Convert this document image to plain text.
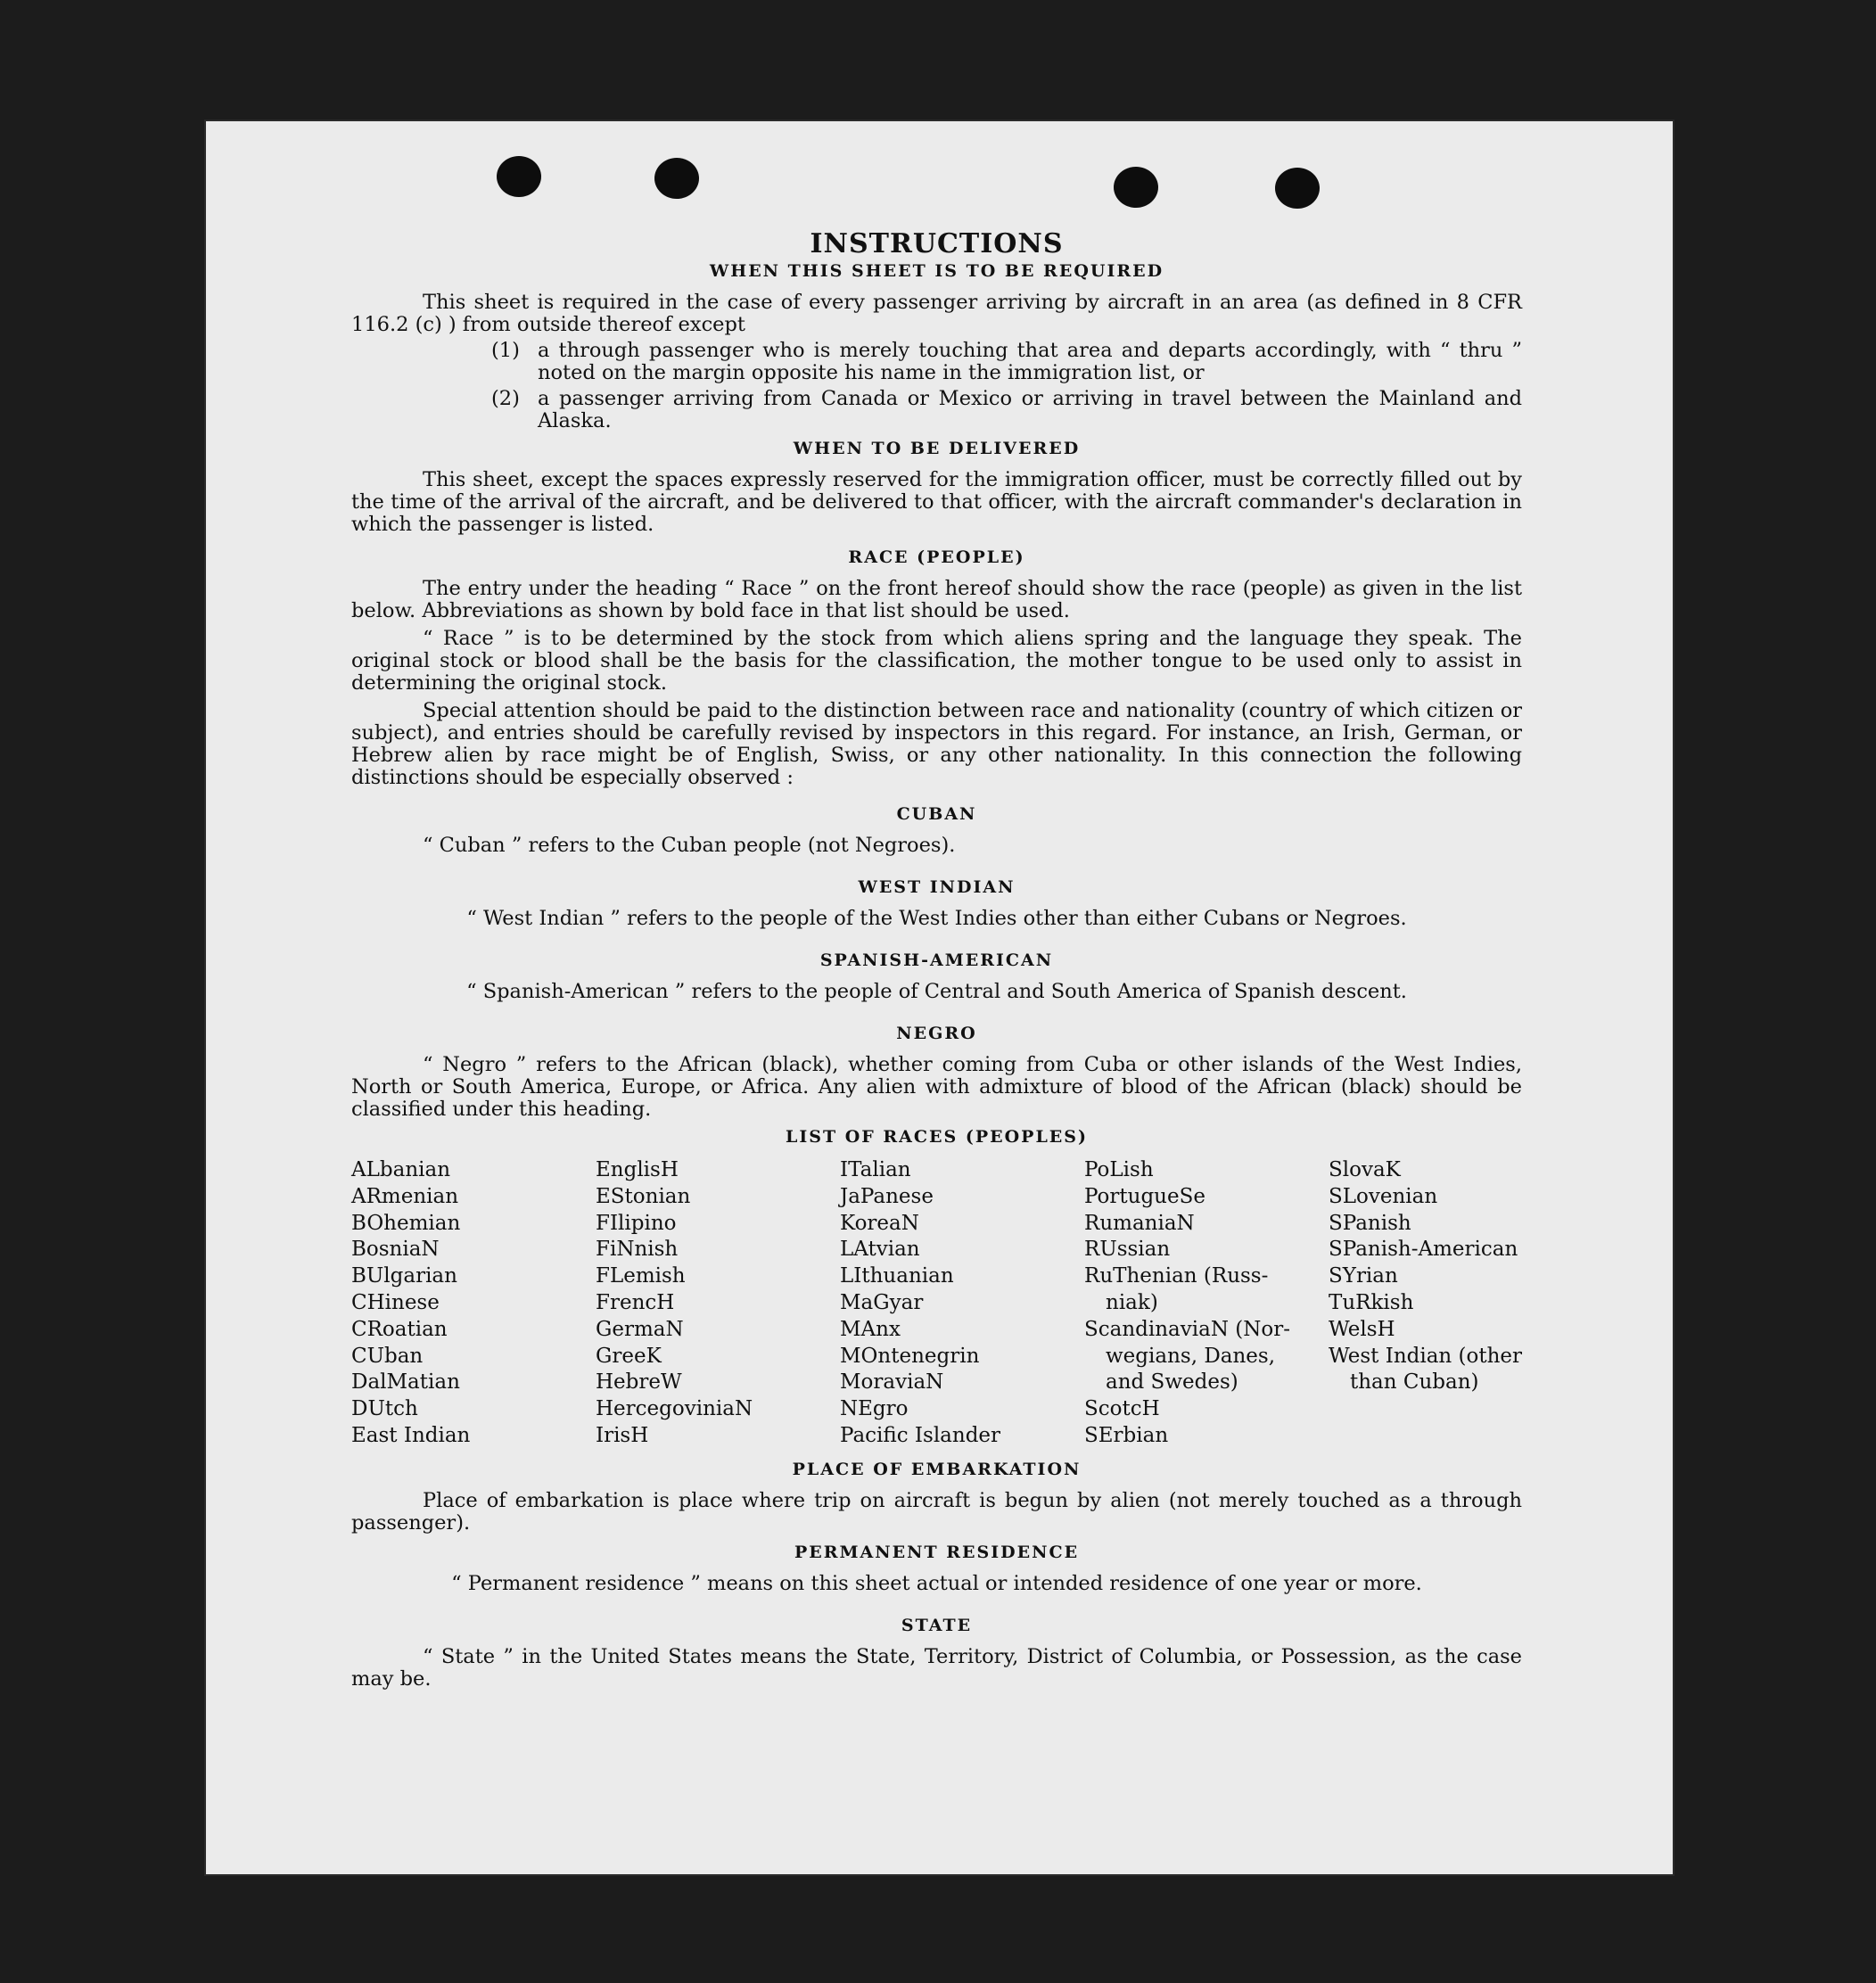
INSTRUCTIONS
WHEN THIS SHEET IS TO BE REQUIRED

This sheet is required in the case of every passenger arriving by aircraft in an area (as defined in 8 CFR 116.2 (c) ) from outside thereof except

(1) a through passenger who is merely touching that area and departs accordingly, with “ thru ” noted on the margin opposite his name in the immigration list, or
(2) a passenger arriving from Canada or Mexico or arriving in travel between the Mainland and Alaska.
WHEN TO BE DELIVERED

This sheet, except the spaces expressly reserved for the immigration officer, must be correctly filled out by the time of the arrival of the aircraft, and be delivered to that officer, with the aircraft commander's declaration in which the passenger is listed.

RACE (PEOPLE)

The entry under the heading “ Race ” on the front hereof should show the race (people) as given in the list below. Abbreviations as shown by bold face in that list should be used.

“ Race ” is to be determined by the stock from which aliens spring and the language they speak. The original stock or blood shall be the basis for the classification, the mother tongue to be used only to assist in determining the original stock.

Special attention should be paid to the distinction between race and nationality (country of which citizen or subject), and entries should be carefully revised by inspectors in this regard. For instance, an Irish, German, or Hebrew alien by race might be of English, Swiss, or any other nationality. In this connection the following distinctions should be especially observed :

CUBAN
“ Cuban ” refers to the Cuban people (not Negroes).
WEST INDIAN
“ West Indian ” refers to the people of the West Indies other than either Cubans or Negroes.
SPANISH-AMERICAN
“ Spanish-American ” refers to the people of Central and South America of Spanish descent.
NEGRO

“ Negro ” refers to the African (black), whether coming from Cuba or other islands of the West Indies, North or South America, Europe, or Africa. Any alien with admixture of blood of the African (black) should be classified under this heading.

LIST OF RACES (PEOPLES)
ALbanian
ARmenian
BOhemian
BosniaN
BUlgarian
CHinese
CRoatian
CUban
DalMatian
DUtch
East Indian
EnglisH
EStonian
FIlipino
FiNnish
FLemish
FrencH
GermaN
GreeK
HebreW
HercegoviniaN
IrisH
ITalian
JaPanese
KoreaN
LAtvian
LIthuanian
MaGyar
MAnx
MOntenegrin
MoraviaN
NEgro
Pacific Islander
PoLish
PortugueSe
RumaniaN
RUssian
RuThenian (Russ-
niak)
ScandinaviaN (Nor-
wegians, Danes,
and Swedes)
ScotcH
SErbian
SlovaK
SLovenian
SPanish
SPanish-American
SYrian
TuRkish
WelsH
West Indian (other
than Cuban)
PLACE OF EMBARKATION

Place of embarkation is place where trip on aircraft is begun by alien (not merely touched as a through passenger).

PERMANENT RESIDENCE
“ Permanent residence ” means on this sheet actual or intended residence of one year or more.
STATE

“ State ” in the United States means the State, Territory, District of Columbia, or Possession, as the case may be.
